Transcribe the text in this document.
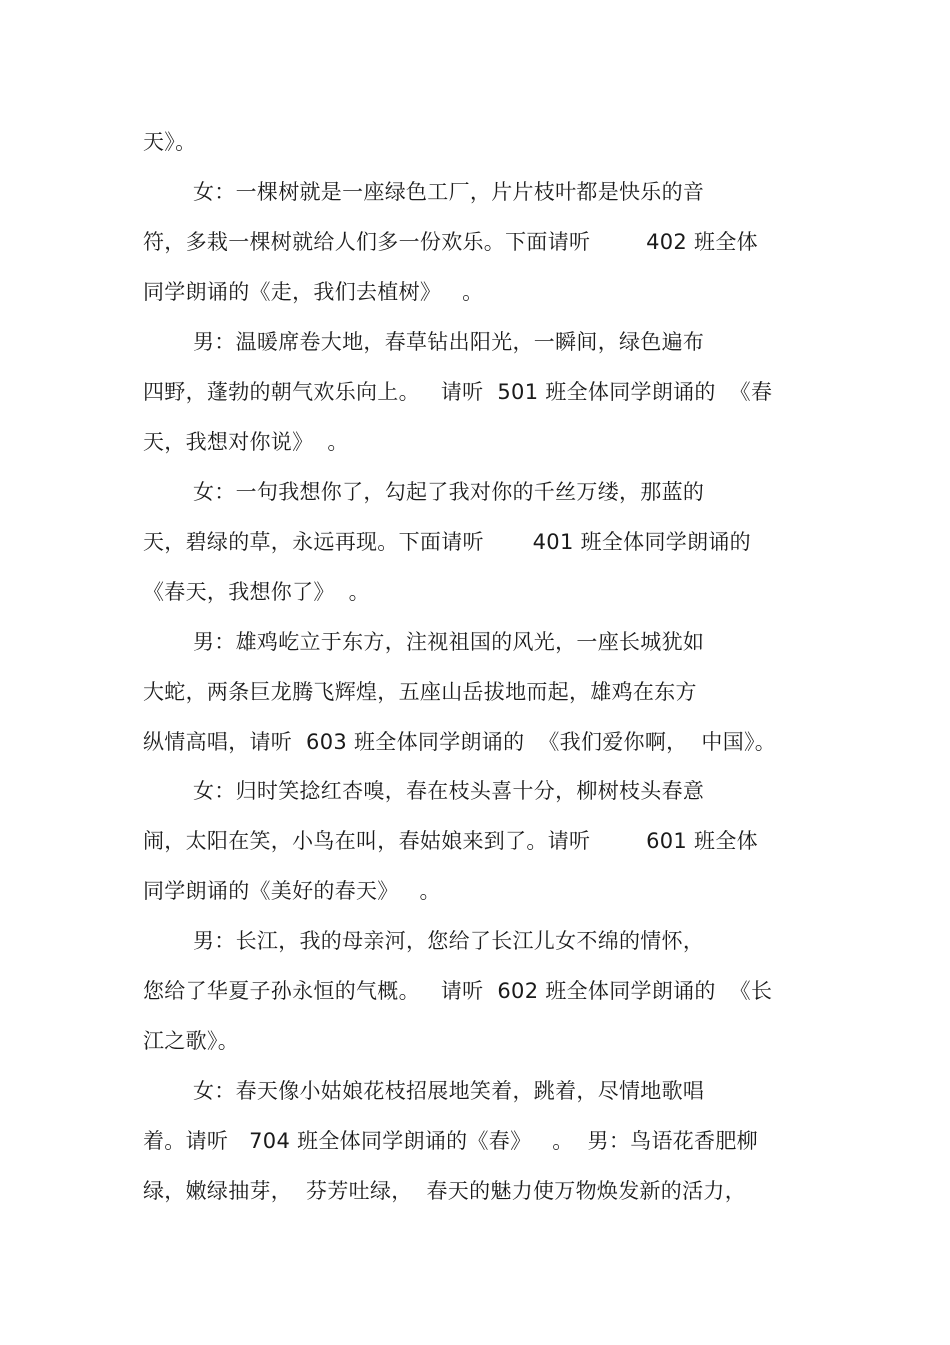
天》。
女：一棵树就是一座绿色工厂，片片枝叶都是快乐的音
符，多栽一棵树就给人们多一份欢乐。下面请听        402 班全体
同学朗诵的《走，我们去植树》   。
男：温暖席卷大地，春草钻出阳光，一瞬间，绿色遍布
四野，蓬勃的朝气欢乐向上。   请听  501 班全体同学朗诵的  《春
天，我想对你说》  。
女：一句我想你了，勾起了我对你的千丝万缕，那蓝的
天，碧绿的草，永远再现。下面请听       401 班全体同学朗诵的
《春天，我想你了》  。
男：雄鸡屹立于东方，注视祖国的风光，一座长城犹如
大蛇，两条巨龙腾飞辉煌，五座山岳拔地而起，雄鸡在东方
纵情高唱，请听  603 班全体同学朗诵的  《我们爱你啊，  中国》。
女：归时笑捻红杏嗅，春在枝头喜十分，柳树枝头春意
闹，太阳在笑，小鸟在叫，春姑娘来到了。请听        601 班全体
同学朗诵的《美好的春天》   。
男：长江，我的母亲河，您给了长江儿女不绵的情怀，
您给了华夏子孙永恒的气概。   请听  602 班全体同学朗诵的  《长
江之歌》。
女：春天像小姑娘花枝招展地笑着，跳着，尽情地歌唱
着。请听   704 班全体同学朗诵的《春》   。  男：鸟语花香肥柳
绿，嫩绿抽芽，  芬芳吐绿，  春天的魅力使万物焕发新的活力，
